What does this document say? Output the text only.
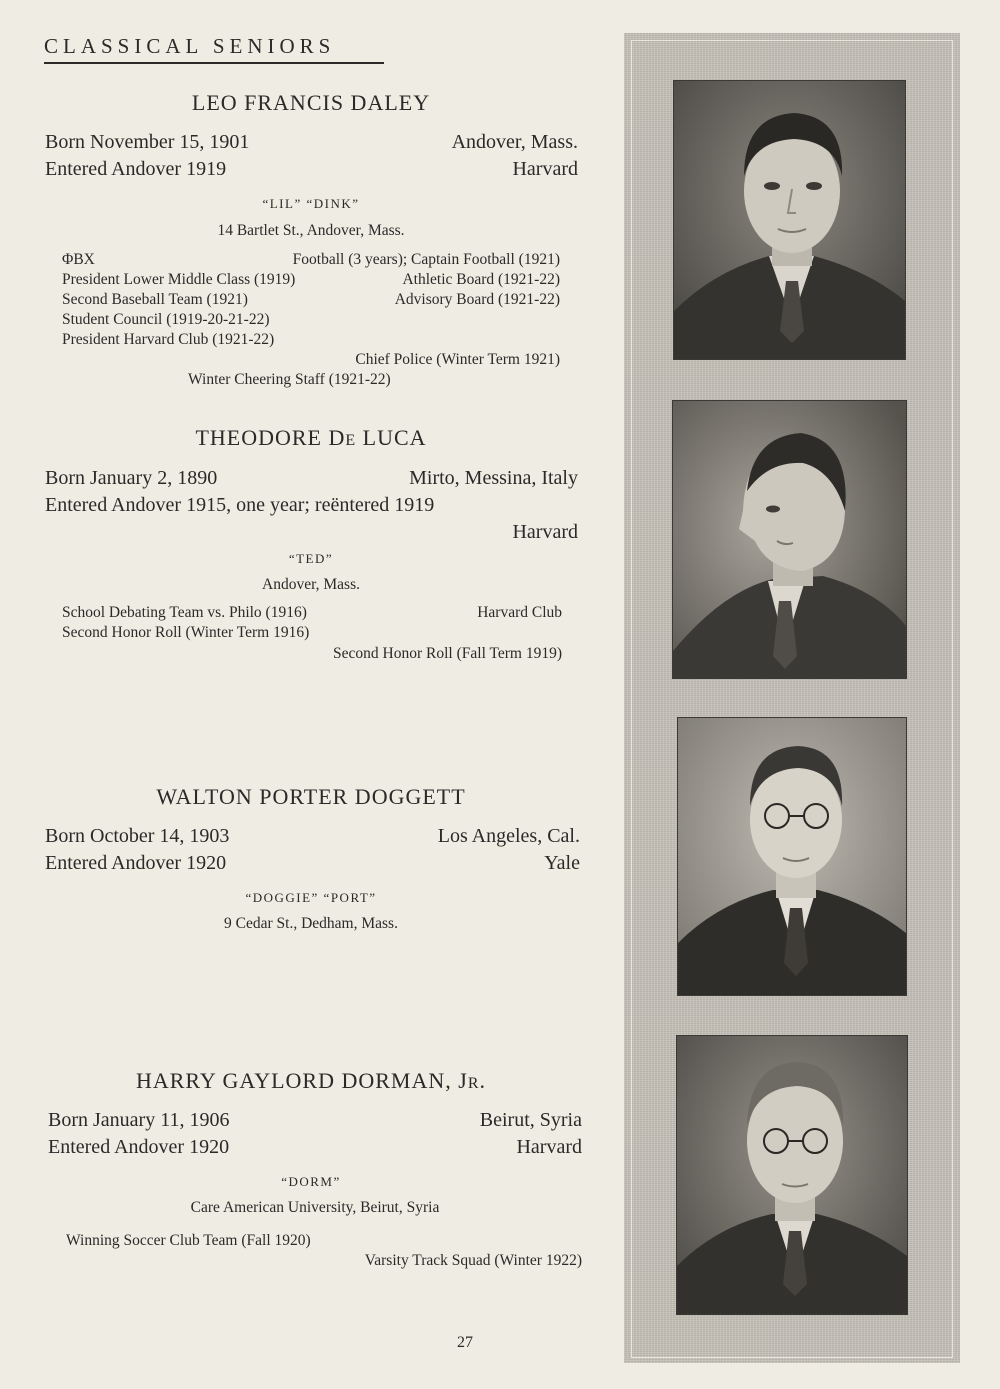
CLASSICAL SENIORS
LEO FRANCIS DALEY
Born November 15, 1901	Andover, Mass.
Entered Andover 1919	Harvard
“LIL” “DINK”
14 Bartlet St., Andover, Mass.
ΦBX	Football (3 years); Captain Football (1921)
President Lower Middle Class (1919)	Athletic Board (1921-22)
Second Baseball Team (1921)	Advisory Board (1921-22)
Student Council (1919-20-21-22)
President Harvard Club (1921-22)
Chief Police (Winter Term 1921)
Winter Cheering Staff (1921-22)
THEODORE DE LUCA
Born January 2, 1890	Mirto, Messina, Italy
Entered Andover 1915, one year; reëntered 1919
Harvard
“TED”
Andover, Mass.
School Debating Team vs. Philo (1916)	Harvard Club
Second Honor Roll (Winter Term 1916)
Second Honor Roll (Fall Term 1919)
WALTON PORTER DOGGETT
Born October 14, 1903	Los Angeles, Cal.
Entered Andover 1920	Yale
“DOGGIE” “PORT”
9 Cedar St., Dedham, Mass.
HARRY GAYLORD DORMAN, JR.
Born January 11, 1906	Beirut, Syria
Entered Andover 1920	Harvard
“DORM”
Care American University, Beirut, Syria
Winning Soccer Club Team (Fall 1920)
Varsity Track Squad (Winter 1922)
27
